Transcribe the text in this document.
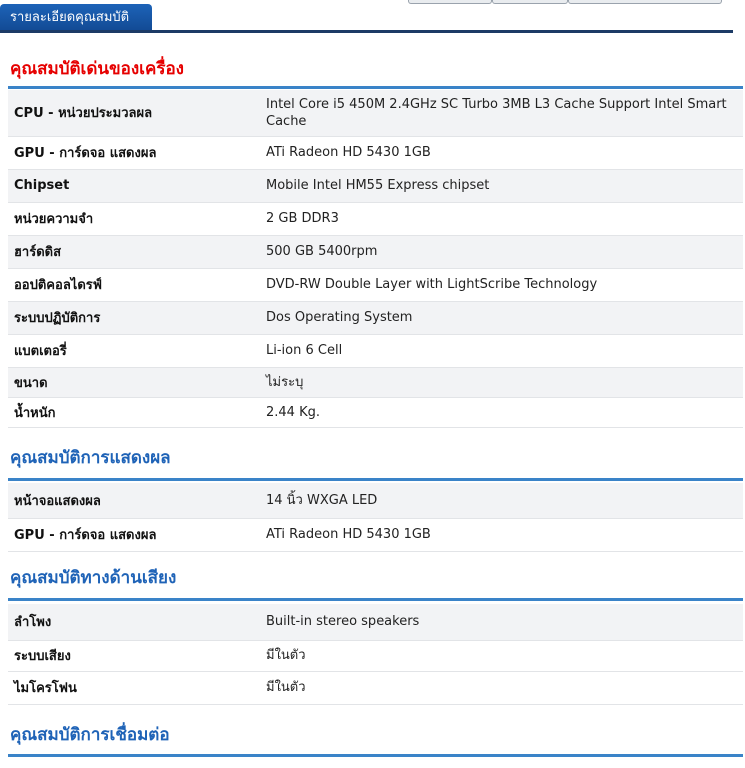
รายละเอียดคุณสมบัติ
คุณสมบัติเด่นของเครื่อง
CPU - หน่วยประมวลผล	Intel Core i5 450M 2.4GHz SC Turbo 3MB L3 Cache Support Intel Smart Cache
GPU - การ์ดจอ แสดงผล	ATi Radeon HD 5430 1GB
Chipset	Mobile Intel HM55 Express chipset
หน่วยความจำ	2 GB DDR3
ฮาร์ดดิส	500 GB 5400rpm
ออปติคอลไดรฟ์	DVD-RW Double Layer with LightScribe Technology
ระบบปฏิบัติการ	Dos Operating System
แบตเตอรี่	Li-ion 6 Cell
ขนาด	ไม่ระบุ
น้ำหนัก	2.44 Kg.
คุณสมบัติการแสดงผล
หน้าจอแสดงผล	14 นิ้ว WXGA LED
GPU - การ์ดจอ แสดงผล	ATi Radeon HD 5430 1GB
คุณสมบัติทางด้านเสียง
ลำโพง	Built-in stereo speakers
ระบบเสียง	มีในตัว
ไมโครโฟน	มีในตัว
คุณสมบัติการเชื่อมต่อ
